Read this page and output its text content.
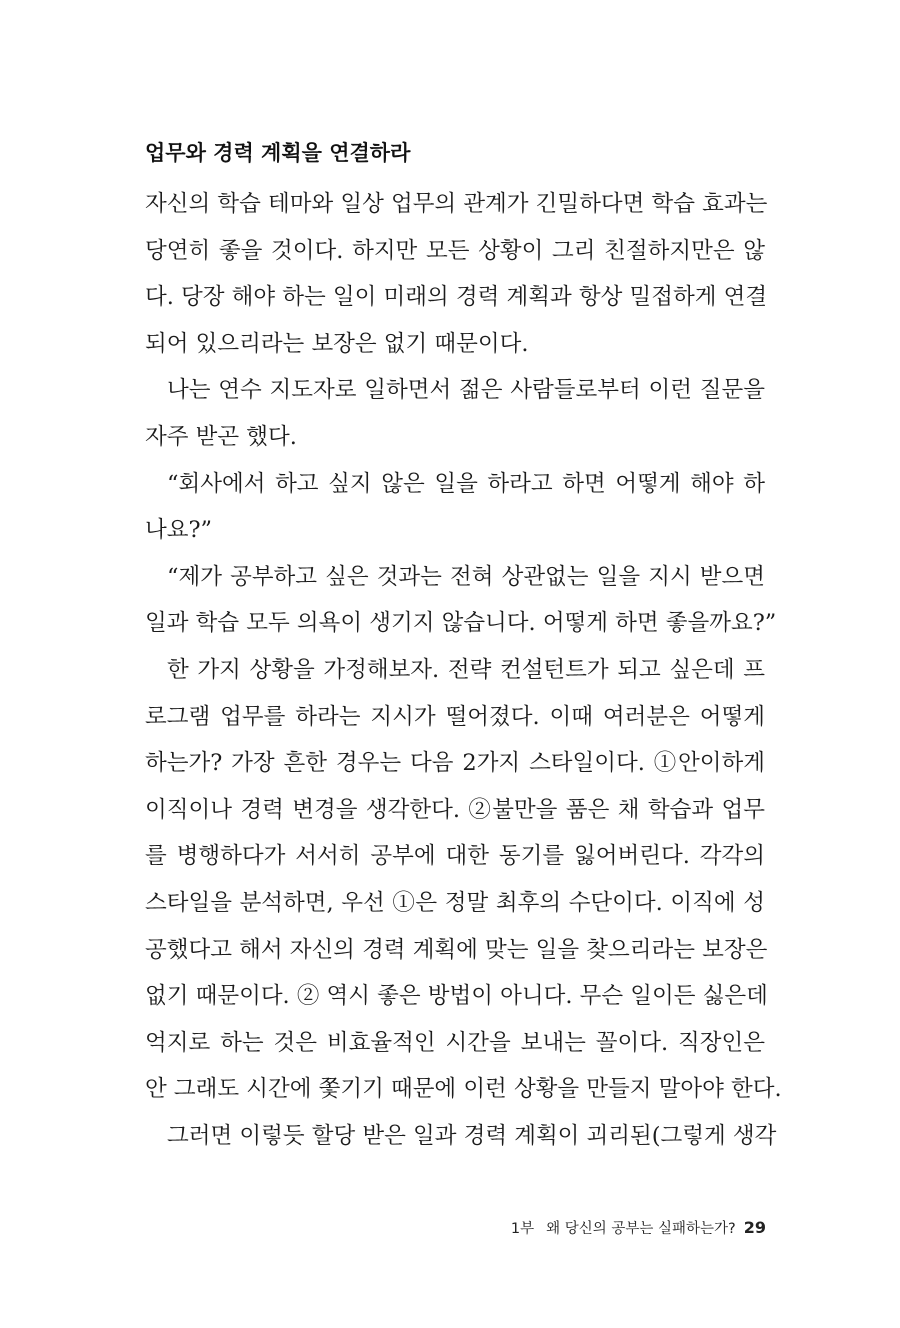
업무와 경력 계획을 연결하라
자신의 학습 테마와 일상 업무의 관계가 긴밀하다면 학습 효과는
당연히 좋을 것이다. 하지만 모든 상황이 그리 친절하지만은 않
다. 당장 해야 하는 일이 미래의 경력 계획과 항상 밀접하게 연결
되어 있으리라는 보장은 없기 때문이다.
나는 연수 지도자로 일하면서 젊은 사람들로부터 이런 질문을
자주 받곤 했다.
“회사에서 하고 싶지 않은 일을 하라고 하면 어떻게 해야 하
나요?”
“제가 공부하고 싶은 것과는 전혀 상관없는 일을 지시 받으면
일과 학습 모두 의욕이 생기지 않습니다. 어떻게 하면 좋을까요?”
한 가지 상황을 가정해보자. 전략 컨설턴트가 되고 싶은데 프
로그램 업무를 하라는 지시가 떨어졌다. 이때 여러분은 어떻게
하는가? 가장 흔한 경우는 다음 2가지 스타일이다. ①안이하게
이직이나 경력 변경을 생각한다. ②불만을 품은 채 학습과 업무
를 병행하다가 서서히 공부에 대한 동기를 잃어버린다. 각각의
스타일을 분석하면, 우선 ①은 정말 최후의 수단이다. 이직에 성
공했다고 해서 자신의 경력 계획에 맞는 일을 찾으리라는 보장은
없기 때문이다. ② 역시 좋은 방법이 아니다. 무슨 일이든 싫은데
억지로 하는 것은 비효율적인 시간을 보내는 꼴이다. 직장인은
안 그래도 시간에 쫓기기 때문에 이런 상황을 만들지 말아야 한다.
그러면 이렇듯 할당 받은 일과 경력 계획이 괴리된(그렇게 생각
1부 왜 당신의 공부는 실패하는가? 29
